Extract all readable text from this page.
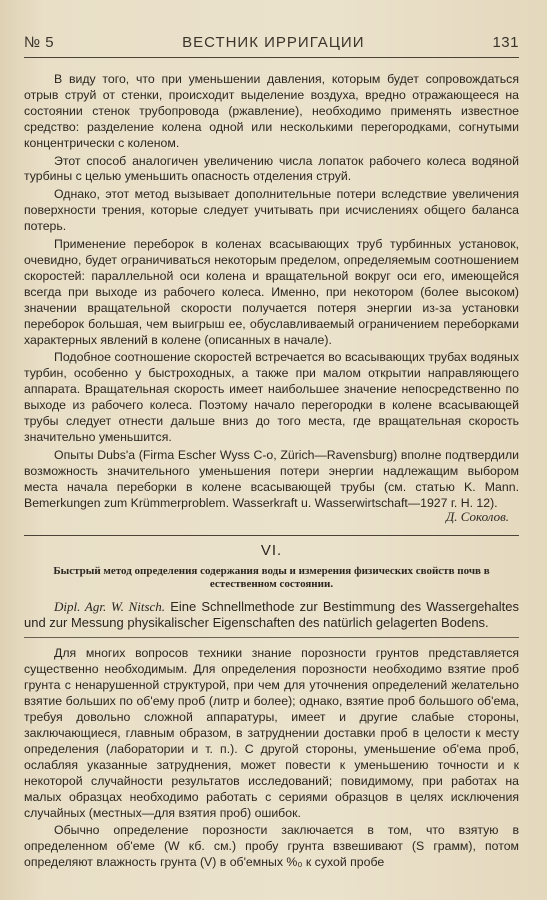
№ 5	ВЕСТНИК ИРРИГАЦИИ	131

В виду того, что при уменьшении давления, которым будет сопровождаться отрыв струй от стенки, происходит выделение воздуха, вредно отражающееся на состоянии стенок трубопровода (ржавление), необходимо применять известное средство: разделение колена одной или несколькими перегородками, согнутыми концентрически с коленом.

Этот способ аналогичен увеличению числа лопаток рабочего колеса водяной турбины с целью уменьшить опасность отделения струй.

Однако, этот метод вызывает дополнительные потери вследствие увеличения поверхности трения, которые следует учитывать при исчислениях общего баланса потерь.

Применение переборок в коленах всасывающих труб турбинных установок, очевидно, будет ограничиваться некоторым пределом, определяемым соотношением скоростей: параллельной оси колена и вращательной вокруг оси его, имеющейся всегда при выходе из рабочего колеса. Именно, при некотором (более высоком) значении вращательной скорости получается потеря энергии из-за установки переборок большая, чем выигрыш ее, обуславливаемый ограничением переборками характерных явлений в колене (описанных в начале).

Подобное соотношение скоростей встречается во всасывающих трубах водяных турбин, особенно у быстроходных, а также при малом открытии направляющего аппарата. Вращательная скорость имеет наибольшее значение непосредственно по выходе из рабочего колеса. Поэтому начало перегородки в колене всасывающей трубы следует отнести дальше вниз до того места, где вращательная скорость значительно уменьшится.

Опыты Dubs'a (Firma Escher Wyss C-o, Zürich—Ravensburg) вполне подтвердили возможность значительного уменьшения потери энергии надлежащим выбором места начала переборки в колене всасывающей трубы (см. статью K. Mann. Bemerkungen zum Krümmerproblem. Wasserkraft u. Wasserwirtschaft—1927 г. H. 12).

Д. Соколов.
VI.
Быстрый метод определения содержания воды и измерения физических свойств почв в естественном состоянии.

Dipl. Agr. W. Nitsch. Eine Schnellmethode zur Bestimmung des Wassergehaltes und zur Messung physikalischer Eigenschaften des natürlich gelagerten Bodens.

Для многих вопросов техники знание порозности грунтов представляется существенно необходимым. Для определения порозности необходимо взятие проб грунта с ненарушенной структурой, при чем для уточнения определений желательно взятие больших по об'ему проб (литр и более); однако, взятие проб большого об'ема, требуя довольно сложной аппаратуры, имеет и другие слабые стороны, заключающиеся, главным образом, в затруднении доставки проб в целости к месту определения (лаборатории и т. п.). С другой стороны, уменьшение об'ема проб, ослабляя указанные затруднения, может повести к уменьшению точности и к некоторой случайности результатов исследований; повидимому, при работах на малых образцах необходимо работать с сериями образцов в целях исключения случайных (местных—для взятия проб) ошибок.

Обычно определение порозности заключается в том, что взятую в определенном об'еме (W кб. см.) пробу грунта взвешивают (S грамм), потом определяют влажность грунта (V) в об'емных %₀ к сухой пробе
